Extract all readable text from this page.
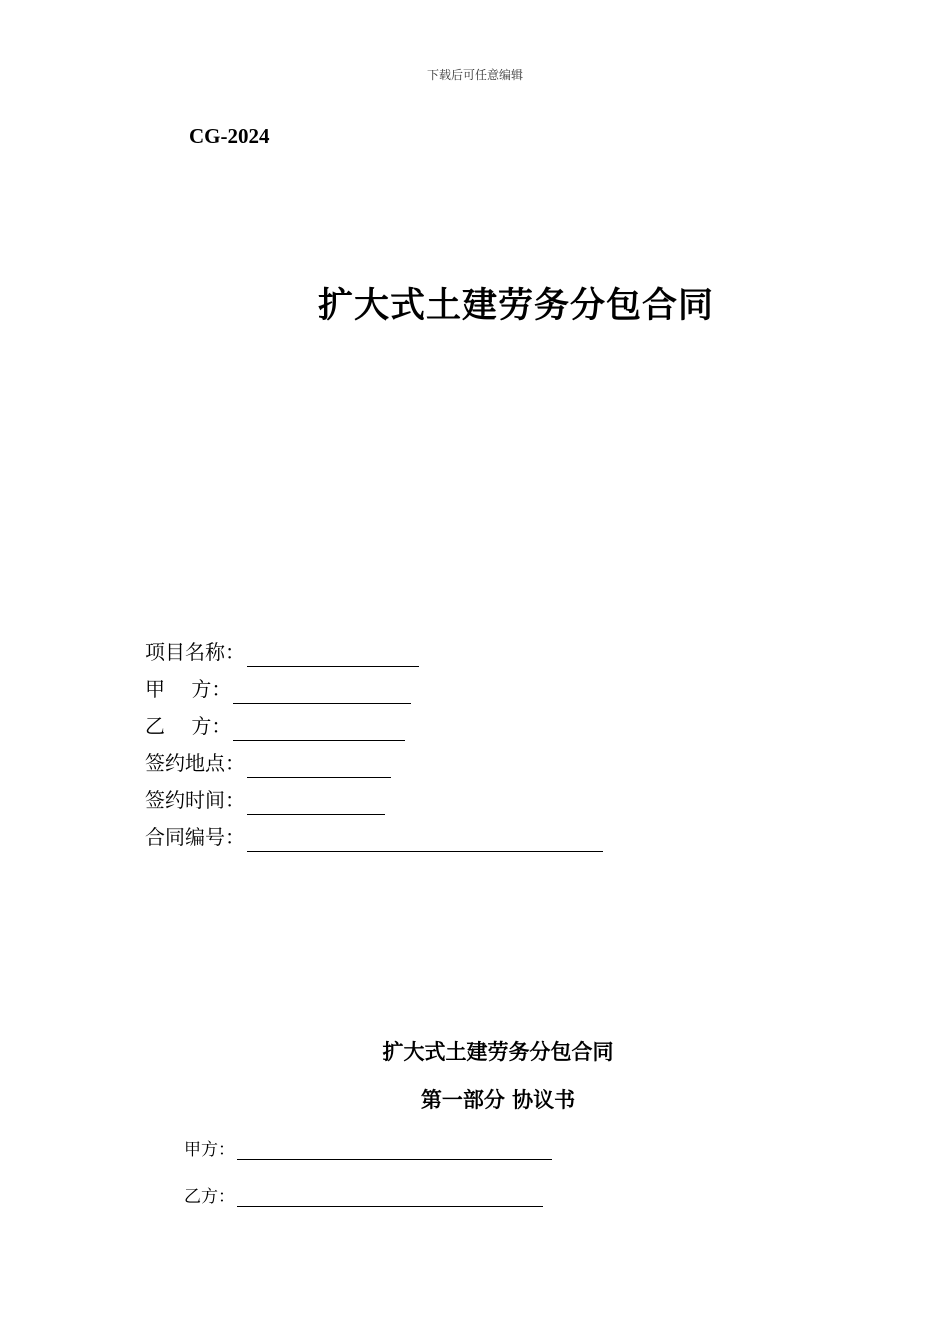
下载后可任意编辑
CG-2024
扩大式土建劳务分包合同
项目名称：
甲　 方：
乙　 方：
签约地点：
签约时间：
合同编号：
扩大式土建劳务分包合同
第一部分 协议书
甲方：
乙方：
